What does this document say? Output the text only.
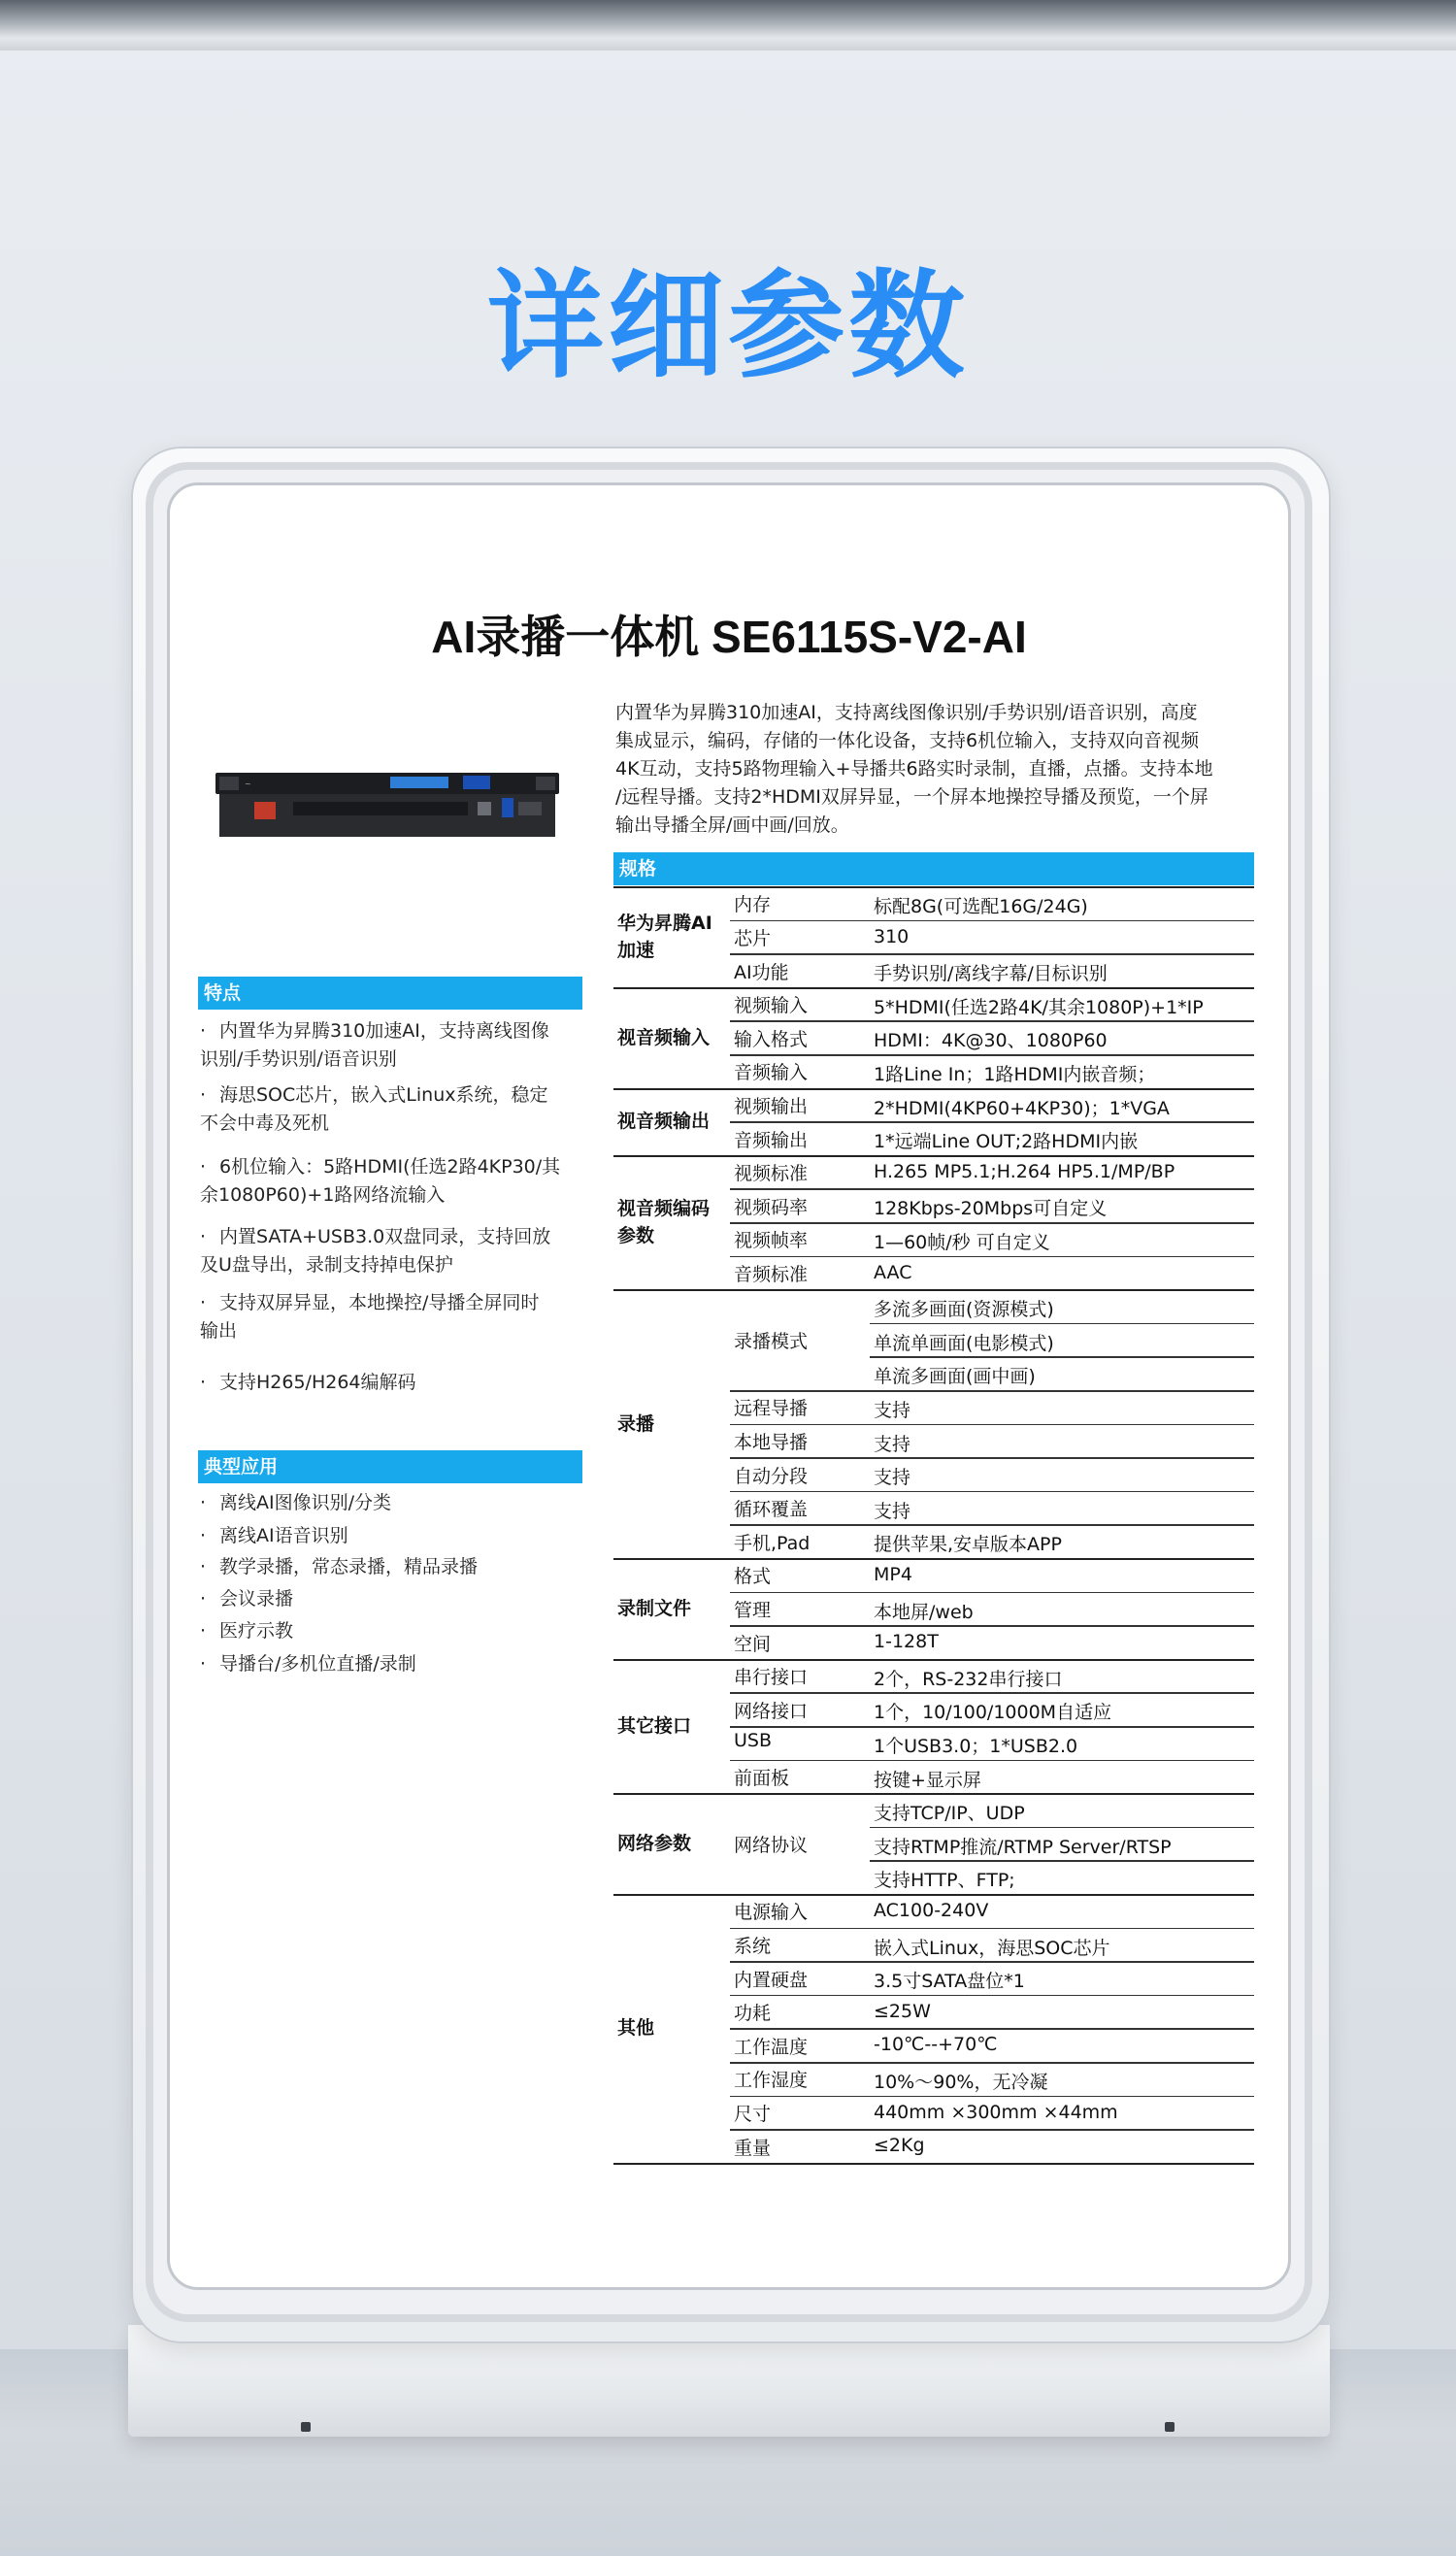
详细参数
AI录播一体机 SE6115S-V2-AI
~
内置华为昇腾310加速AI，支持离线图像识别/手势识别/语音识别，高度
集成显示，编码，存储的一体化设备，支持6机位输入，支持双向音视频
4K互动，支持5路物理输入+导播共6路实时录制，直播，点播。支持本地
/远程导播。支持2*HDMI双屏异显，一个屏本地操控导播及预览，一个屏
输出导播全屏/画中画/回放。
特点
· 内置华为昇腾310加速AI，支持离线图像
识别/手势识别/语音识别
· 海思SOC芯片，嵌入式Linux系统，稳定
不会中毒及死机
· 6机位输入：5路HDMI(任选2路4KP30/其
余1080P60)+1路网络流输入
· 内置SATA+USB3.0双盘同录，支持回放
及U盘导出，录制支持掉电保护
· 支持双屏异显，本地操控/导播全屏同时
输出
· 支持H265/H264编解码
典型应用
· 离线AI图像识别/分类
· 离线AI语音识别
· 教学录播，常态录播，精品录播
· 会议录播
· 医疗示教
· 导播台/多机位直播/录制
规格
华为昇腾AI
加速
内存
芯片
AI功能
标配8G(可选配16G/24G)
310
手势识别/离线字幕/目标识别
视音频输入
视频输入
输入格式
音频输入
5*HDMI(任选2路4K/其余1080P)+1*IP
HDMI：4K@30、1080P60
1路Line In；1路HDMI内嵌音频；
视音频输出
视频输出
音频输出
2*HDMI(4KP60+4KP30)；1*VGA
1*远端Line OUT;2路HDMI内嵌
视音频编码
参数
视频标准
视频码率
视频帧率
音频标准
H.265 MP5.1;H.264 HP5.1/MP/BP
128Kbps-20Mbps可自定义
1—60帧/秒 可自定义
AAC
录播
录播模式
远程导播
本地导播
自动分段
循环覆盖
手机,Pad
多流多画面(资源模式)
单流单画面(电影模式)
单流多画面(画中画)
支持
支持
支持
支持
提供苹果,安卓版本APP
录制文件
格式
管理
空间
MP4
本地屏/web
1-128T
其它接口
串行接口
网络接口
USB
前面板
2个，RS-232串行接口
1个，10/100/1000M自适应
1个USB3.0；1*USB2.0
按键+显示屏
网络参数 网络协议
支持TCP/IP、UDP
支持RTMP推流/RTMP Server/RTSP
支持HTTP、FTP;
其他
电源输入
系统
内置硬盘
功耗
工作温度
工作湿度
尺寸
重量
AC100-240V
嵌入式Linux，海思SOC芯片
3.5寸SATA盘位*1
≤25W
-10℃--+70℃
10%～90%，无冷凝
440mm ×300mm ×44mm
≤2Kg
